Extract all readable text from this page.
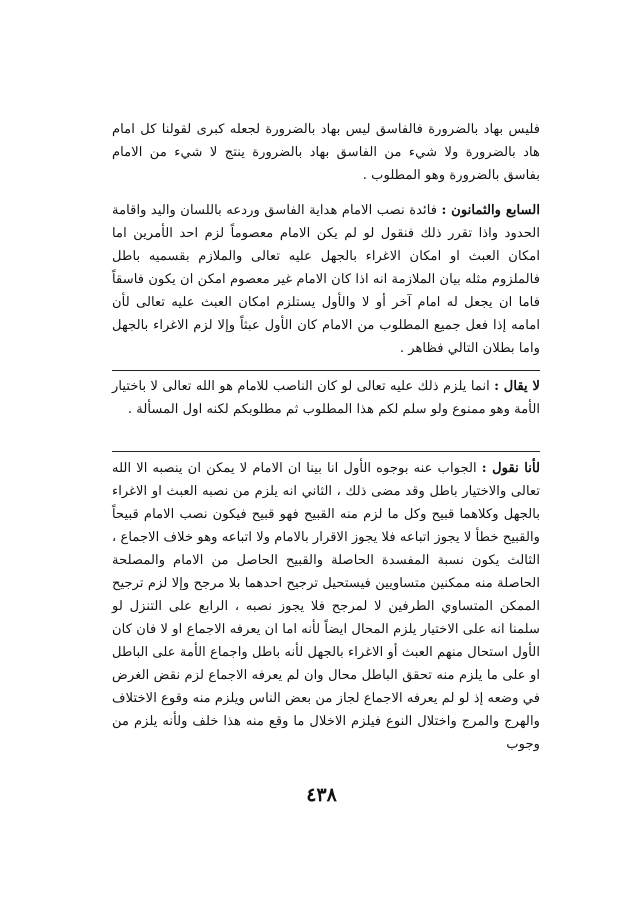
فليس بهاد بالضرورة فالفاسق ليس بهاد بالضرورة لجعله كبرى لقولنا كل امام هاد بالضرورة ولا شيء من الفاسق بهاد بالضرورة ينتج لا شيء من الامام بفاسق بالضرورة وهو المطلوب .

السابع والثمانون : فائدة نصب الامام هداية الفاسق وردعه باللسان واليد واقامة الحدود واذا تقرر ذلك فنقول لو لم يكن الامام معصوماً لزم احد الأمرين اما امكان العبث او امكان الاغراء بالجهل عليه تعالى والملازم بقسميه باطل فالملزوم مثله بيان الملازمة انه اذا كان الامام غير معصوم امكن ان يكون فاسقاً فاما ان يجعل له امام آخر أو لا والأول يستلزم امكان العبث عليه تعالى لأن امامه إذا فعل جميع المطلوب من الامام كان الأول عبثاً وإلا لزم الاغراء بالجهل واما بطلان التالي فظاهر .

لا يقال : انما يلزم ذلك عليه تعالى لو كان الناصب للامام هو الله تعالى لا باختيار الأمة وهو ممنوع ولو سلم لكم هذا المطلوب ثم مطلوبكم لكنه اول المسألة .

لأنا نقول : الجواب عنه بوجوه الأول انا بينا ان الامام لا يمكن ان ينصبه الا الله تعالى والاختيار باطل وقد مضى ذلك ، الثاني انه يلزم من نصبه العبث او الاغراء بالجهل وكلاهما قبيح وكل ما لزم منه القبيح فهو قبيح فيكون نصب الامام قبيحاً والقبيح خطأ لا يجوز اتباعه فلا يجوز الاقرار بالامام ولا اتباعه وهو خلاف الاجماع ، الثالث يكون نسبة المفسدة الحاصلة والقبيح الحاصل من الامام والمصلحة الحاصلة منه ممكنين متساويين فيستحيل ترجيح احدهما بلا مرجح وإلا لزم ترجيح الممكن المتساوي الطرفين لا لمرجح فلا يجوز نصبه ، الرابع على التنزل لو سلمنا انه على الاختيار يلزم المحال ايضاً لأنه اما ان يعرفه الاجماع او لا فان كان الأول استحال منهم العبث أو الاغراء بالجهل لأنه باطل واجماع الأمة على الباطل او على ما يلزم منه تحقق الباطل محال وان لم يعرفه الاجماع لزم نقض الغرض في وضعه إذ لو لم يعرفه الاجماع لجاز من بعض الناس ويلزم منه وقوع الاختلاف والهرج والمرج واختلال النوع فيلزم الاخلال ما وقع منه هذا خلف ولأنه يلزم من وجوب

٤٣٨
